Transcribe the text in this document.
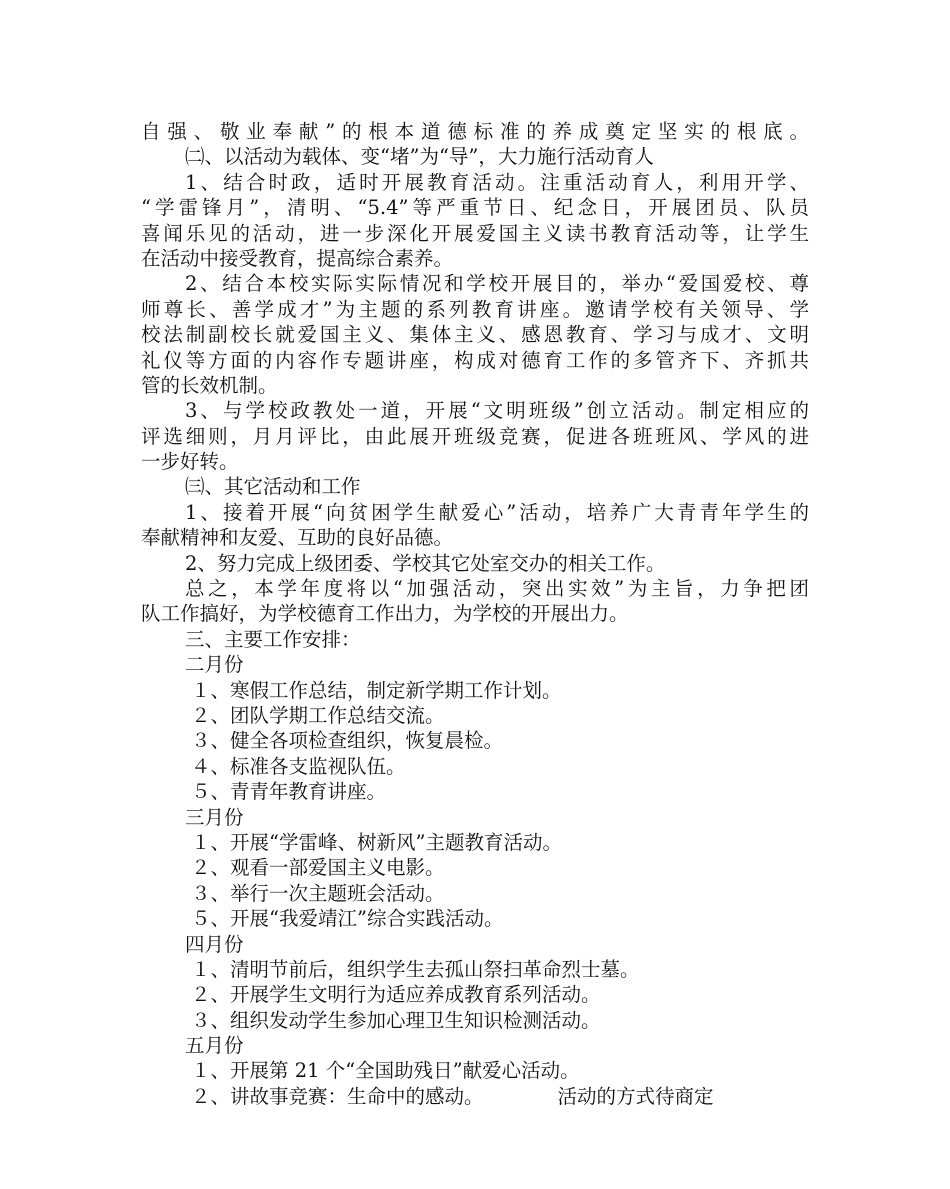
自强、敬业奉献”的根本道德标准的养成奠定坚实的根底。
㈡、以活动为载体、变“堵”为“导”，大力施行活动育人
1、结合时政，适时开展教育活动。注重活动育人，利用开学、
“学雷锋月”，清明、“5.4”等严重节日、纪念日，开展团员、队员
喜闻乐见的活动，进一步深化开展爱国主义读书教育活动等，让学生
在活动中接受教育，提高综合素养。
2、结合本校实际实际情况和学校开展目的，举办“爱国爱校、尊
师尊长、善学成才”为主题的系列教育讲座。邀请学校有关领导、学
校法制副校长就爱国主义、集体主义、感恩教育、学习与成才、文明
礼仪等方面的内容作专题讲座，构成对德育工作的多管齐下、齐抓共
管的长效机制。
3、与学校政教处一道，开展“文明班级”创立活动。制定相应的
评选细则，月月评比，由此展开班级竞赛，促进各班班风、学风的进
一步好转。
㈢、其它活动和工作
1、接着开展“向贫困学生献爱心”活动，培养广大青青年学生的
奉献精神和友爱、互助的良好品德。
2、努力完成上级团委、学校其它处室交办的相关工作。
总之，本学年度将以“加强活动，突出实效”为主旨，力争把团
队工作搞好，为学校德育工作出力，为学校的开展出力。
三、主要工作安排：
二月份
１、寒假工作总结，制定新学期工作计划。
２、团队学期工作总结交流。
３、健全各项检查组织，恢复晨检。
４、标准各支监视队伍。
５、青青年教育讲座。
三月份
１、开展“学雷峰、树新风”主题教育活动。
２、观看一部爱国主义电影。
３、举行一次主题班会活动。
５、开展“我爱靖江”综合实践活动。
四月份
１、清明节前后，组织学生去孤山祭扫革命烈士墓。
２、开展学生文明行为适应养成教育系列活动。
３、组织发动学生参加心理卫生知识检测活动。
五月份
１、开展第 21 个“全国助残日”献爱心活动。
２、讲故事竞赛：生命中的感动。	活动的方式待商定
